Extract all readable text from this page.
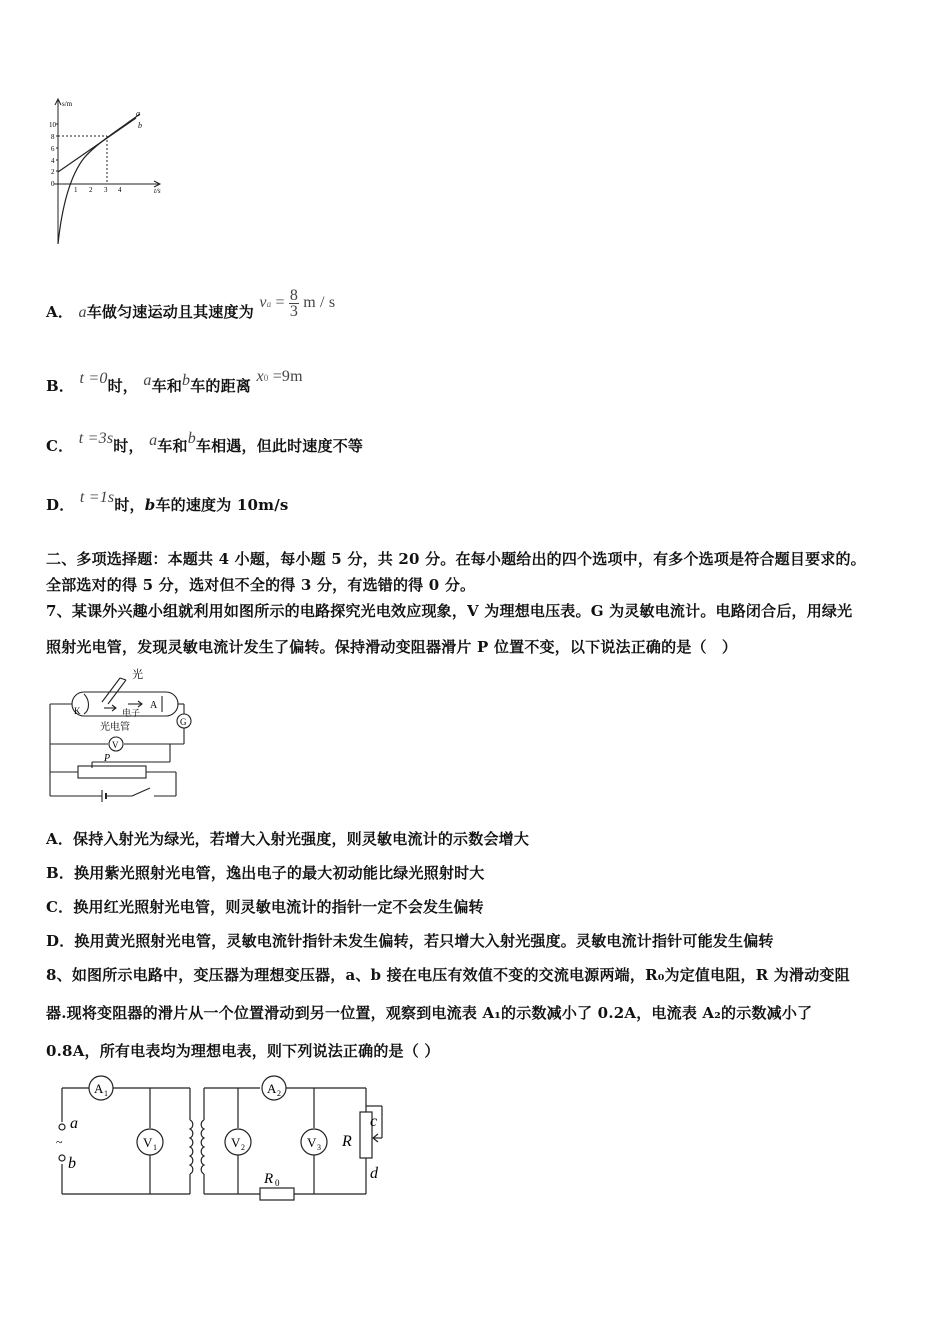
s/m
t/s
10
8
6
4
2
0
1 2 3 4
a
b
A． a车做匀速运动且其速度为 va = $\frac{8}{3}$ m / s
B． t =0时， a车和b车的距离 x0 =9m
C． t =3s时， a车和b车相遇，但此时速度不等
D． t =1s时，b车的速度为 10m/s
二、多项选择题：本题共 4 小题，每小题 5 分，共 20 分。在每小题给出的四个选项中，有多个选项是符合题目要求的。
全部选对的得 5 分，选对但不全的得 3 分，有选错的得 0 分。
7、某课外兴趣小组就利用如图所示的电路探究光电效应现象，V 为理想电压表。G 为灵敏电流计。电路闭合后，用绿光
照射光电管，发现灵敏电流计发生了偏转。保持滑动变阻器滑片 P 位置不变，以下说法正确的是（　）
光
K	电子
A
光电管	G
V
P
A．保持入射光为绿光，若增大入射光强度，则灵敏电流计的示数会增大
B．换用紫光照射光电管，逸出电子的最大初动能比绿光照射时大
C．换用红光照射光电管，则灵敏电流计的指针一定不会发生偏转
D．换用黄光照射光电管，灵敏电流针指针未发生偏转，若只增大入射光强度。灵敏电流计指针可能发生偏转
8、如图所示电路中，变压器为理想变压器，a、b 接在电压有效值不变的交流电源两端，R₀为定值电阻，R 为滑动变阻
器.现将变阻器的滑片从一个位置滑动到另一位置，观察到电流表 A₁的示数减小了 0.2A，电流表 A₂的示数减小了
0.8A，所有电表均为理想电表，则下列说法正确的是（ ）
A 1	A 2
V 1	V 2	V 3
a
~
b
R
c
d
R 0
